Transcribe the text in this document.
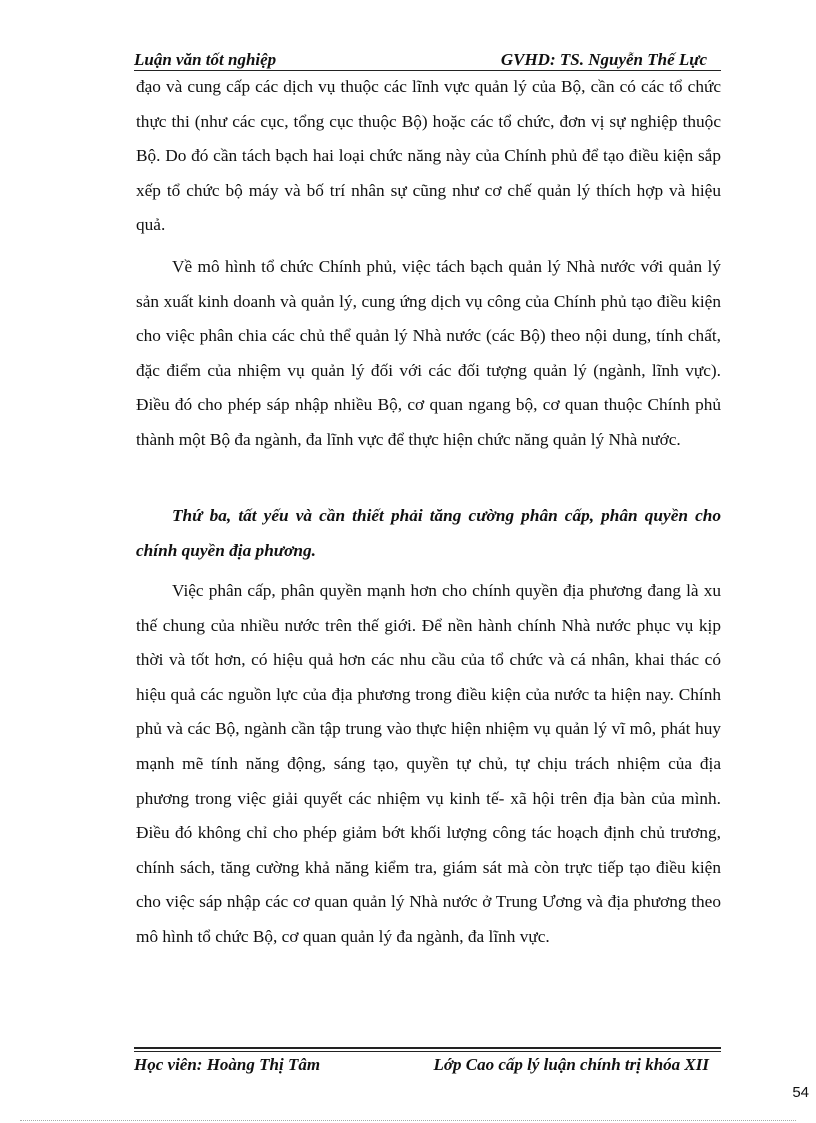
Luận văn tốt nghiệp	GVHD: TS. Nguyễn Thế Lực
đạo và cung cấp các dịch vụ thuộc các lĩnh vực quản lý của Bộ, cần có các tổ chức thực thi (như các cục, tổng cục thuộc Bộ) hoặc các tổ chức, đơn vị sự nghiệp thuộc Bộ. Do đó cần tách bạch hai loại chức năng này của Chính phủ để tạo điều kiện sắp xếp tổ chức bộ máy và bố trí nhân sự cũng như cơ chế quản lý thích hợp và hiệu quả.
Về mô hình tổ chức Chính phủ, việc tách bạch quản lý Nhà nước với quản lý sản xuất kinh doanh và quản lý, cung ứng dịch vụ công của Chính phủ tạo điều kiện cho việc phân chia các chủ thể quản lý Nhà nước (các Bộ) theo nội dung, tính chất, đặc điểm của nhiệm vụ quản lý đối với các đối tượng quản lý (ngành, lĩnh vực). Điều đó cho phép sáp nhập nhiều Bộ, cơ quan ngang bộ, cơ quan thuộc Chính phủ thành một Bộ đa ngành, đa lĩnh vực để thực hiện chức năng quản lý Nhà nước.
Thứ ba, tất yếu và cần thiết phải tăng cường phân cấp, phân quyền cho chính quyền địa phương.
Việc phân cấp, phân quyền mạnh hơn cho chính quyền địa phương đang là xu thế chung của nhiều nước trên thế giới. Để nền hành chính Nhà nước phục vụ kịp thời và tốt hơn, có hiệu quả hơn các nhu cầu của tổ chức và cá nhân, khai thác có hiệu quả các nguồn lực của địa phương trong điều kiện của nước ta hiện nay. Chính phủ và các Bộ, ngành cần tập trung vào thực hiện nhiệm vụ quản lý vĩ mô, phát huy mạnh mẽ tính năng động, sáng tạo, quyền tự chủ, tự chịu trách nhiệm của địa phương trong việc giải quyết các nhiệm vụ kinh tế- xã hội trên địa bàn của mình. Điều đó không chỉ cho phép giảm bớt khối lượng công tác hoạch định chủ trương, chính sách, tăng cường khả năng kiểm tra, giám sát mà còn trực tiếp tạo điều kiện cho việc sáp nhập các cơ quan quản lý Nhà nước ở Trung Ương và địa phương theo mô hình tổ chức Bộ, cơ quan quản lý đa ngành, đa lĩnh vực.
Học viên: Hoàng Thị Tâm	Lớp Cao cấp lý luận chính trị khóa XII
54
